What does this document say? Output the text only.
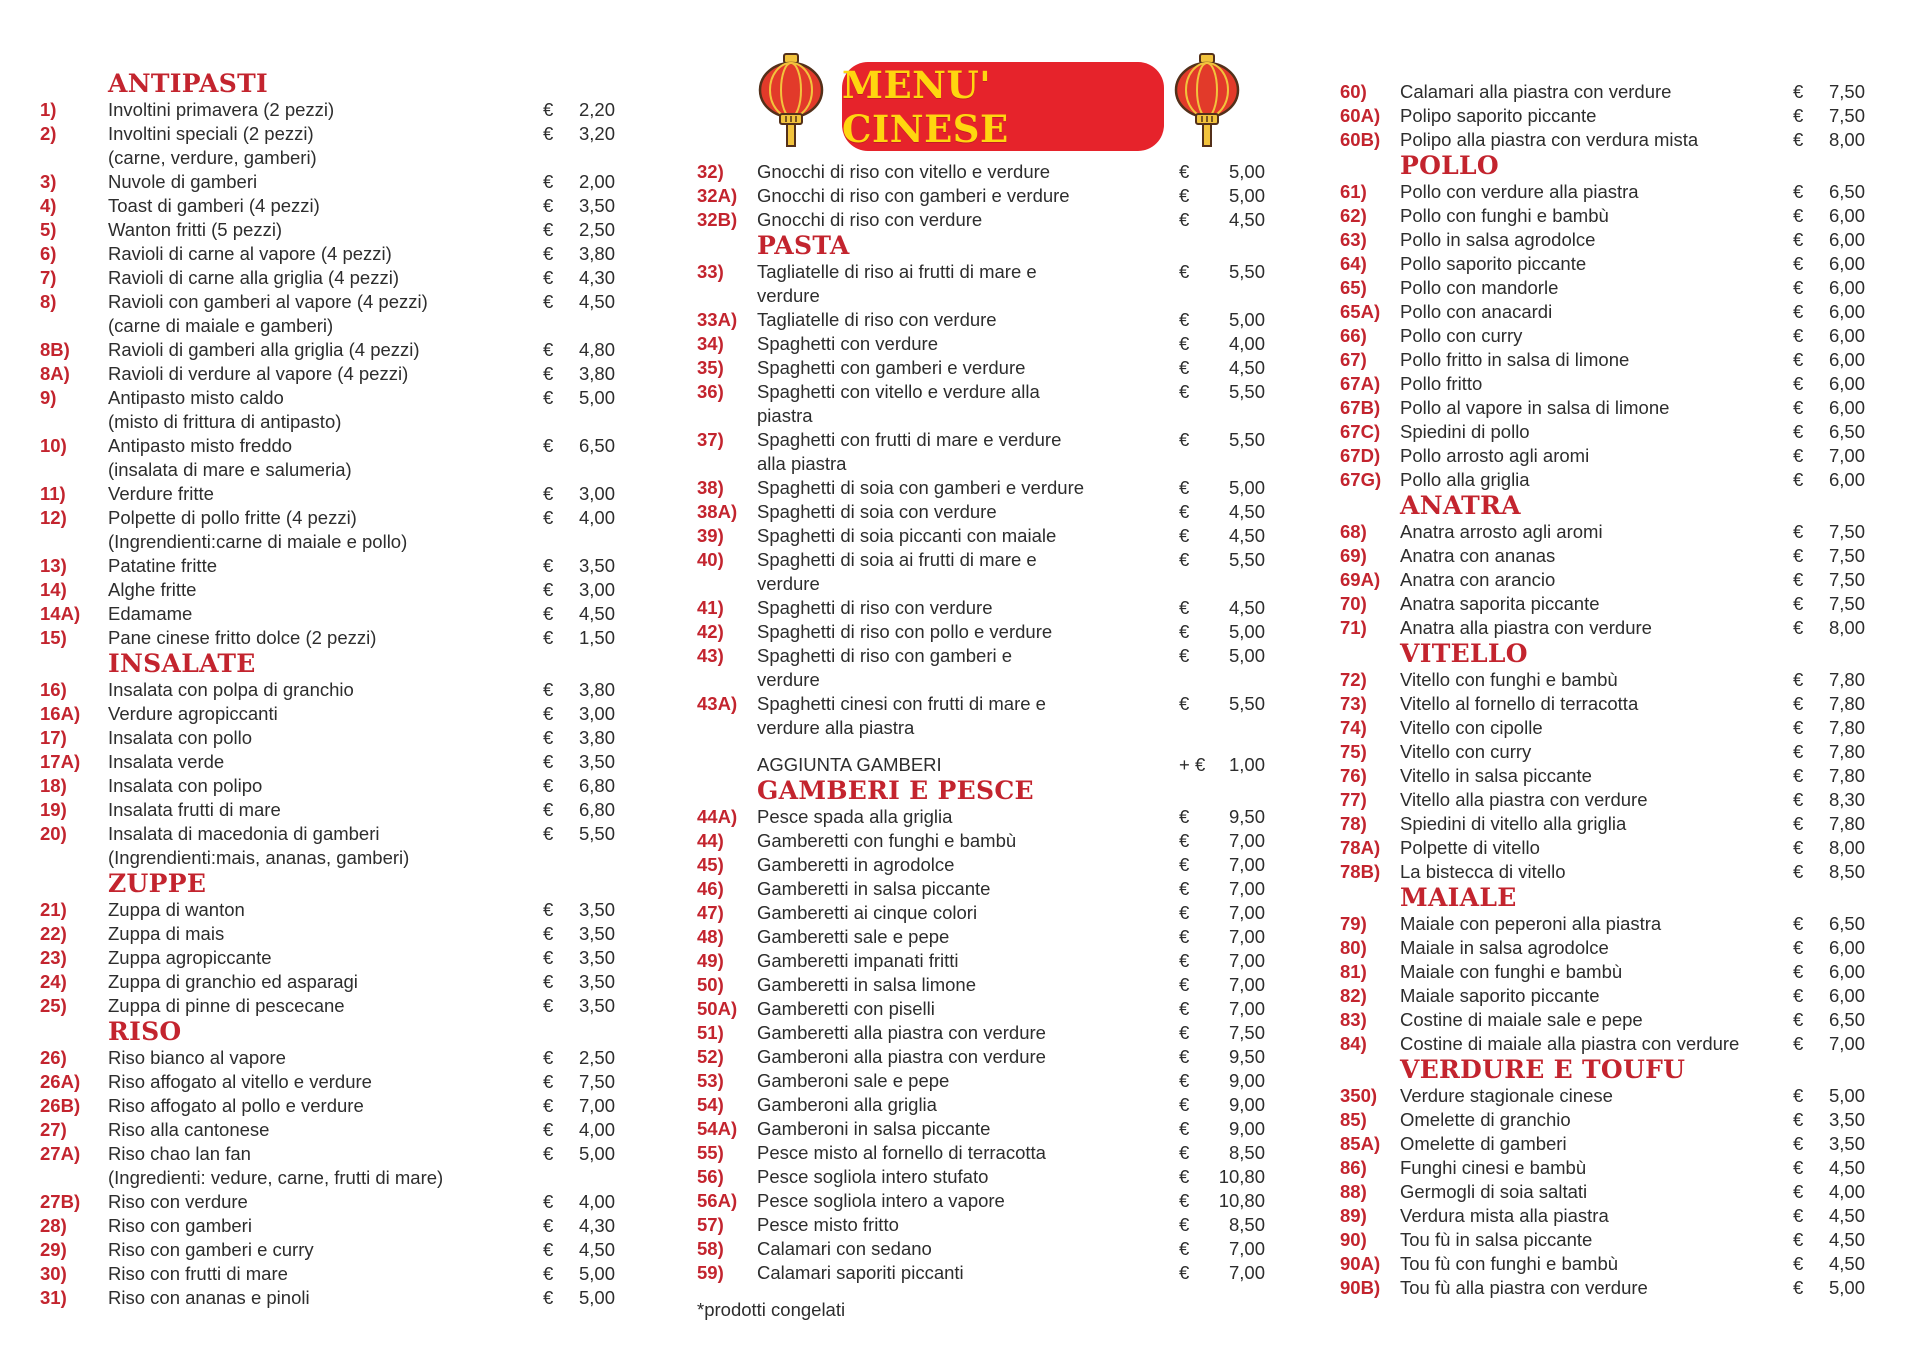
MENU' CINESE
ANTIPASTI
1)	Involtini primavera (2 pezzi)	€ 2,20
2)	Involtini speciali (2 pezzi)	€ 3,20
(carne, verdure, gamberi)
3)	Nuvole di gamberi	€ 2,00
4)	Toast di gamberi (4 pezzi)	€ 3,50
5)	Wanton fritti (5 pezzi)	€ 2,50
6)	Ravioli di carne al vapore (4 pezzi)	€ 3,80
7)	Ravioli di carne alla griglia (4 pezzi)	€ 4,30
8)	Ravioli con gamberi al vapore (4 pezzi)	€ 4,50
(carne di maiale e gamberi)
8B)	Ravioli di gamberi alla griglia (4 pezzi)	€ 4,80
8A)	Ravioli di verdure al vapore (4 pezzi)	€ 3,80
9)	Antipasto misto caldo	€ 5,00
(misto di frittura di antipasto)
10)	Antipasto misto freddo	€ 6,50
(insalata di mare e salumeria)
11)	Verdure fritte	€ 3,00
12)	Polpette di pollo fritte (4 pezzi)	€ 4,00
(Ingrendienti:carne di maiale e pollo)
13)	Patatine fritte	€ 3,50
14)	Alghe fritte	€ 3,00
14A)	Edamame	€ 4,50
15)	Pane cinese fritto dolce (2 pezzi)	€ 1,50
INSALATE
16)	Insalata con polpa di granchio	€ 3,80
16A)	Verdure agropiccanti	€ 3,00
17)	Insalata con pollo	€ 3,80
17A)	Insalata verde	€ 3,50
18)	Insalata con polipo	€ 6,80
19)	Insalata frutti di mare	€ 6,80
20)	Insalata di macedonia di gamberi	€ 5,50
(Ingrendienti:mais, ananas, gamberi)
ZUPPE
21)	Zuppa di wanton	€ 3,50
22)	Zuppa di mais	€ 3,50
23)	Zuppa agropiccante	€ 3,50
24)	Zuppa di granchio ed asparagi	€ 3,50
25)	Zuppa di pinne di pescecane	€ 3,50
RISO
26)	Riso bianco al vapore	€ 2,50
26A)	Riso affogato al vitello e verdure	€ 7,50
26B)	Riso affogato al pollo e verdure	€ 7,00
27)	Riso alla cantonese	€ 4,00
27A)	Riso chao lan fan	€ 5,00
(Ingredienti: vedure, carne, frutti di mare)
27B)	Riso con verdure	€ 4,00
28)	Riso con gamberi	€ 4,30
29)	Riso con gamberi e curry	€ 4,50
30)	Riso con frutti di mare	€ 5,00
31)	Riso con ananas e pinoli	€ 5,00
32)	Gnocchi di riso con vitello e verdure	€ 5,00
32A)	Gnocchi di riso con gamberi e verdure	€ 5,00
32B)	Gnocchi di riso con verdure	€ 4,50
PASTA
33)	Tagliatelle di riso ai frutti di mare e	€ 5,50
verdure
33A)	Tagliatelle di riso con verdure	€ 5,00
34)	Spaghetti con verdure	€ 4,00
35)	Spaghetti con gamberi e verdure	€ 4,50
36)	Spaghetti con vitello e verdure alla	€ 5,50
piastra
37)	Spaghetti con frutti di mare e verdure	€ 5,50
alla piastra
38)	Spaghetti di soia con gamberi e verdure	€ 5,00
38A)	Spaghetti di soia con verdure	€ 4,50
39)	Spaghetti di soia piccanti con maiale	€ 4,50
40)	Spaghetti di soia ai frutti di mare e	€ 5,50
verdure
41)	Spaghetti di riso con verdure	€ 4,50
42)	Spaghetti di riso con pollo e verdure	€ 5,00
43)	Spaghetti di riso con gamberi e	€ 5,00
verdure
43A)	Spaghetti cinesi con frutti di mare e	€ 5,50
verdure alla piastra
AGGIUNTA GAMBERI	+ € 1,00
GAMBERI E PESCE
44A)	Pesce spada alla griglia	€ 9,50
44)	Gamberetti con funghi e bambù	€ 7,00
45)	Gamberetti in agrodolce	€ 7,00
46)	Gamberetti in salsa piccante	€ 7,00
47)	Gamberetti ai cinque colori	€ 7,00
48)	Gamberetti sale e pepe	€ 7,00
49)	Gamberetti impanati fritti	€ 7,00
50)	Gamberetti in salsa limone	€ 7,00
50A)	Gamberetti con piselli	€ 7,00
51)	Gamberetti alla piastra con verdure	€ 7,50
52)	Gamberoni alla piastra con verdure	€ 9,50
53)	Gamberoni sale e pepe	€ 9,00
54)	Gamberoni alla griglia	€ 9,00
54A)	Gamberoni in salsa piccante	€ 9,00
55)	Pesce misto al fornello di terracotta	€ 8,50
56)	Pesce sogliola intero stufato	€ 10,80
56A)	Pesce sogliola intero a vapore	€ 10,80
57)	Pesce misto fritto	€ 8,50
58)	Calamari con sedano	€ 7,00
59)	Calamari saporiti piccanti	€ 7,00
*prodotti congelati
60)	Calamari alla piastra con verdure	€ 7,50
60A)	Polipo saporito piccante	€ 7,50
60B)	Polipo alla piastra con verdura mista	€ 8,00
POLLO
61)	Pollo con verdure alla piastra	€ 6,50
62)	Pollo con funghi e bambù	€ 6,00
63)	Pollo in salsa agrodolce	€ 6,00
64)	Pollo saporito piccante	€ 6,00
65)	Pollo con mandorle	€ 6,00
65A)	Pollo con anacardi	€ 6,00
66)	Pollo con curry	€ 6,00
67)	Pollo fritto in salsa di limone	€ 6,00
67A)	Pollo fritto	€ 6,00
67B)	Pollo al vapore in salsa di limone	€ 6,00
67C)	Spiedini di pollo	€ 6,50
67D)	Pollo arrosto agli aromi	€ 7,00
67G)	Pollo alla griglia	€ 6,00
ANATRA
68)	Anatra arrosto agli aromi	€ 7,50
69)	Anatra con ananas	€ 7,50
69A)	Anatra con arancio	€ 7,50
70)	Anatra saporita piccante	€ 7,50
71)	Anatra alla piastra con verdure	€ 8,00
VITELLO
72)	Vitello con funghi e bambù	€ 7,80
73)	Vitello al fornello di terracotta	€ 7,80
74)	Vitello con cipolle	€ 7,80
75)	Vitello con curry	€ 7,80
76)	Vitello in salsa piccante	€ 7,80
77)	Vitello alla piastra con verdure	€ 8,30
78)	Spiedini di vitello alla griglia	€ 7,80
78A)	Polpette di vitello	€ 8,00
78B)	La bistecca di vitello	€ 8,50
MAIALE
79)	Maiale con peperoni alla piastra	€ 6,50
80)	Maiale in salsa agrodolce	€ 6,00
81)	Maiale con funghi e bambù	€ 6,00
82)	Maiale saporito piccante	€ 6,00
83)	Costine di maiale sale e pepe	€ 6,50
84)	Costine di maiale alla piastra con verdure	€ 7,00
VERDURE E TOUFU
350)	Verdure stagionale cinese	€ 5,00
85)	Omelette di granchio	€ 3,50
85A)	Omelette di gamberi	€ 3,50
86)	Funghi cinesi e bambù	€ 4,50
88)	Germogli di soia saltati	€ 4,00
89)	Verdura mista alla piastra	€ 4,50
90)	Tou fù in salsa piccante	€ 4,50
90A)	Tou fù con funghi e bambù	€ 4,50
90B)	Tou fù alla piastra con verdure	€ 5,00
